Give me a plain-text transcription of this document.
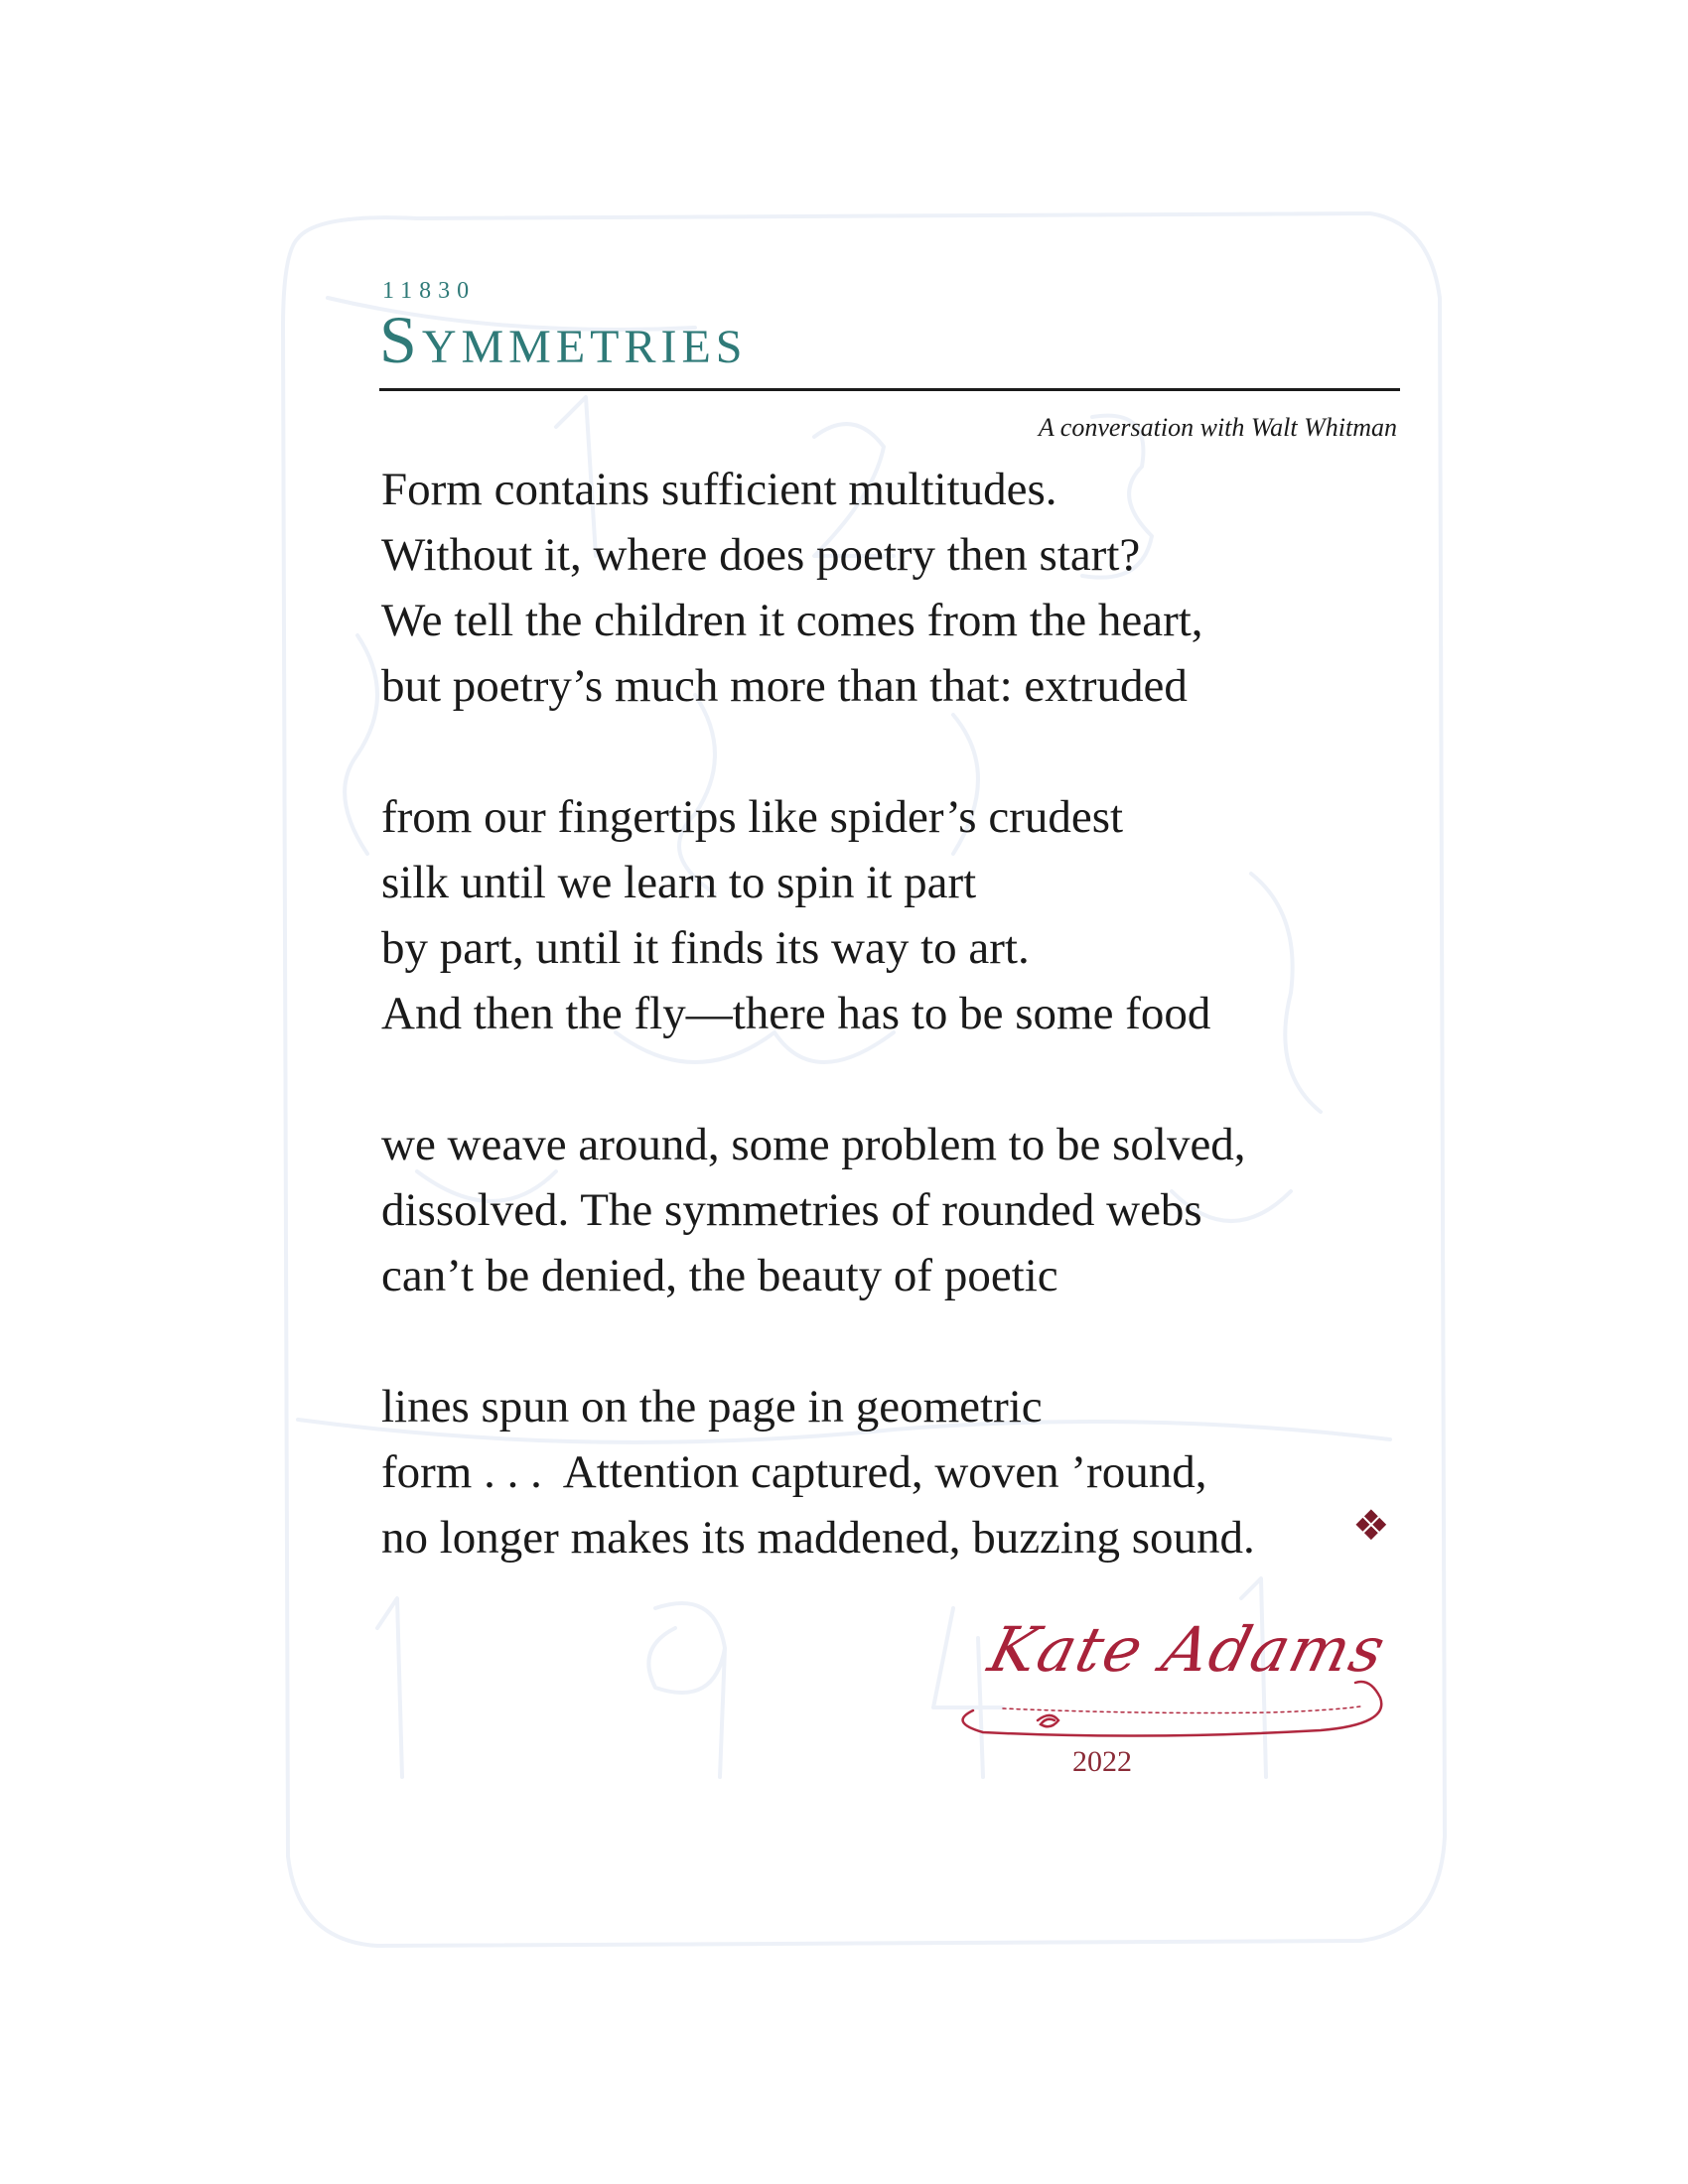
11830
Symmetries
A conversation with Walt Whitman
Form contains sufficient multitudes.
Without it, where does poetry then start?
We tell the children it comes from the heart,
but poetry’s much more than that: extruded
from our fingertips like spider’s crudest
silk until we learn to spin it part
by part, until it finds its way to art.
And then the fly—there has to be some food
we weave around, some problem to be solved,
dissolved. The symmetries of rounded webs
can’t be denied, the beauty of poetic
lines spun on the page in geometric
form . . .  Attention captured, woven ’round,
no longer makes its maddened, buzzing sound.	❖
Kate Adams
2022
